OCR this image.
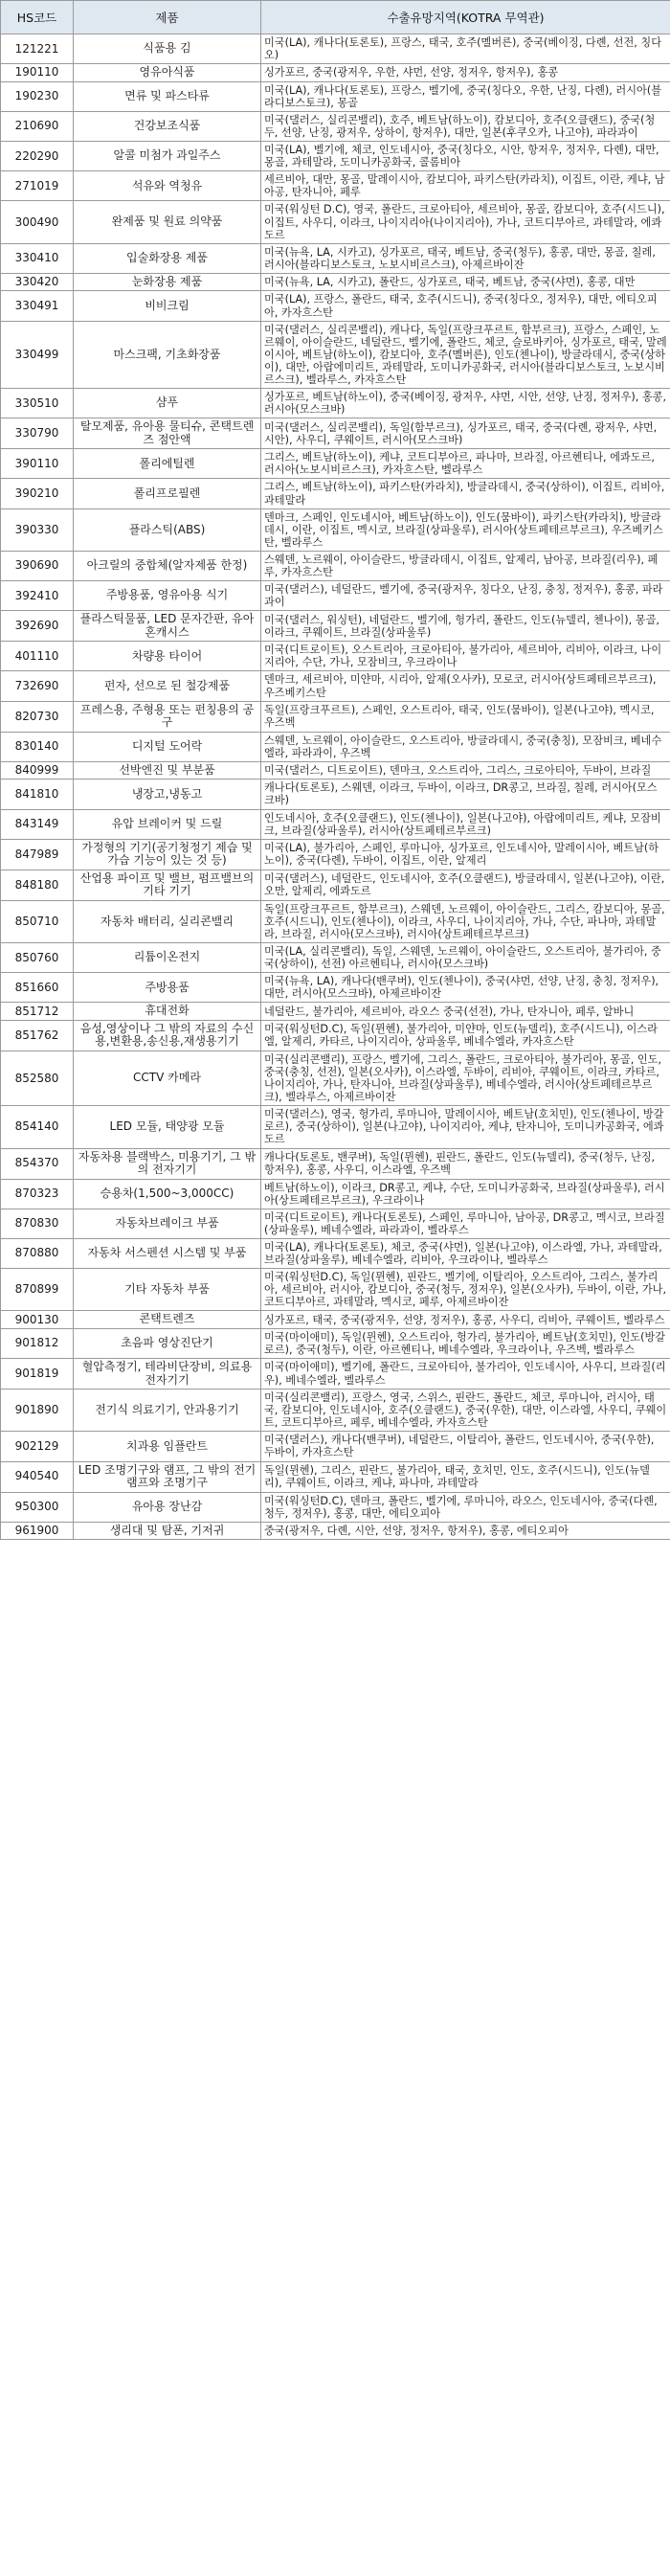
HS코드	제품	수출유망지역(KOTRA 무역관)
121221	식품용 김	미국(LA), 캐나다(토론토), 프랑스, 태국, 호주(멜버른), 중국(베이징, 다롄, 선전, 칭다오)
190110	영유아식품	싱가포르, 중국(광저우, 우한, 샤먼, 선양, 정저우, 항저우), 홍콩
190230	면류 및 파스타류	미국(LA), 캐나다(토론토), 프랑스, 벨기에, 중국(칭다오, 우한, 난징, 다롄), 러시아(블라디보스토크), 몽골
210690	건강보조식품	미국(댈러스, 실리콘밸리), 호주, 베트남(하노이), 캄보디아, 호주(오클랜드), 중국(청두, 선양, 난징, 광저우, 상하이, 항저우), 대만, 일본(후쿠오카, 나고야), 파라과이
220290	알콜 미첨가 과일주스	미국(LA), 벨기에, 체코, 인도네시아, 중국(칭다오, 시안, 항저우, 정저우, 다롄), 대만, 몽골, 과테말라, 도미니카공화국, 콜롬비아
271019	석유와 역청유	세르비아, 대만, 몽골, 말레이시아, 캄보디아, 파키스탄(카라치), 이집트, 이란, 케냐, 남아공, 탄자니아, 페루
300490	완제품 및 원료 의약품	미국(워싱턴 D.C), 영국, 폴란드, 크로아티아, 세르비아, 몽골, 캄보디아, 호주(시드니), 이집트, 사우디, 이라크, 나이지리아(나이지리아), 가나, 코트디부아르, 과테말라, 에콰도르
330410	입술화장용 제품	미국(뉴욕, LA, 시카고), 싱가포르, 태국, 베트남, 중국(청두), 홍콩, 대만, 몽골, 칠레, 러시아(블라디보스토크, 노보시비르스크), 아제르바이잔
330420	눈화장용 제품	미국(뉴욕, LA, 시카고), 폴란드, 싱가포르, 태국, 베트남, 중국(샤먼), 홍콩, 대만
330491	비비크림	미국(LA), 프랑스, 폴란드, 태국, 호주(시드니), 중국(칭다오, 정저우), 대만, 에티오피아, 카자흐스탄
330499	마스크팩, 기초화장품	미국(댈러스, 실리콘밸리), 캐나다, 독일(프랑크푸르트, 함부르크), 프랑스, 스페인, 노르웨이, 아이슬란드, 네덜란드, 벨기에, 폴란드, 체코, 슬로바키아, 싱가포르, 태국, 말레이시아, 베트남(하노이), 캄보디아, 호주(멜버른), 인도(첸나이), 방글라데시, 중국(상하이), 대만, 아랍에미리트, 과테말라, 도미니카공화국, 러시아(블라디보스토크, 노보시비르스크), 벨라루스, 카자흐스탄
330510	샴푸	싱가포르, 베트남(하노이), 중국(베이징, 광저우, 샤먼, 시안, 선양, 난징, 정저우), 홍콩, 러시아(모스크바)
330790	탈모제품, 유아용 물티슈, 콘택트렌즈 점안액	미국(댈러스, 실리콘밸리), 독일(함부르크), 싱가포르, 태국, 중국(다롄, 광저우, 샤먼, 시안), 사우디, 쿠웨이트, 러시아(모스크바)
390110	폴리에틸렌	그리스, 베트남(하노이), 케냐, 코트디부아르, 파나마, 브라질, 아르헨티나, 에콰도르, 러시아(노보시비르스크), 카자흐스탄, 벨라루스
390210	폴리프로필렌	그리스, 베트남(하노이), 파키스탄(카라치), 방글라데시, 중국(상하이), 이집트, 리비아, 과테말라
390330	플라스틱(ABS)	덴마크, 스페인, 인도네시아, 베트남(하노이), 인도(뭄바이), 파키스탄(카라치), 방글라데시, 이란, 이집트, 멕시코, 브라질(상파울루), 러시아(상트페테르부르크), 우즈베키스탄, 벨라루스
390690	아크릴의 중합체(알자제품 한정)	스웨덴, 노르웨이, 아이슬란드, 방글라데시, 이집트, 알제리, 남아공, 브라질(리우), 페루, 카자흐스탄
392410	주방용품, 영유아용 식기	미국(댈러스), 네덜란드, 벨기에, 중국(광저우, 칭다오, 난징, 충칭, 정저우), 홍콩, 파라과이
392690	플라스틱물품, LED 문자간판, 유아혼캐시스	미국(댈러스, 워싱턴), 네덜란드, 벨기에, 헝가리, 폴란드, 인도(뉴델리, 첸나이), 몽골, 이라크, 쿠웨이트, 브라질(상파울루)
401110	차량용 타이어	미국(디트로이트), 오스트리아, 크로아티아, 불가리아, 세르비아, 리비아, 이라크, 나이지리아, 수단, 가나, 모잠비크, 우크라이나
732690	펀자, 선으로 된 철강제품	덴마크, 세르비아, 미얀마, 시리아, 알제(오사카), 모로코, 러시아(상트페테르부르크), 우즈베키스탄
820730	프레스용, 주형용 또는 펀칭용의 공구	독일(프랑크푸르트), 스페인, 오스트리아, 태국, 인도(뭄바이), 일본(나고야), 멕시코, 우즈벡
830140	디지털 도어락	스웨덴, 노르웨이, 아이슬란드, 오스트리아, 방글라데시, 중국(충칭), 모잠비크, 베네수엘라, 파라과이, 우즈벡
840999	선박엔진 및 부분품	미국(댈러스, 디트로이트), 덴마크, 오스트리아, 그리스, 크로아티아, 두바이, 브라질
841810	냉장고,냉동고	캐나다(토론토), 스웨덴, 이라크, 두바이, 이라크, DR콩고, 브라질, 칠레, 러시아(모스크바)
843149	유압 브레이커 및 드릴	인도네시아, 호주(오클랜드), 인도(첸나이), 일본(나고야), 아랍에미리트, 케냐, 모잠비크, 브라질(상파울루), 러시아(상트페테르부르크)
847989	가정형의 기기(공기청정기 제습 및 가습 기능이 있는 것 등)	미국(LA), 불가리아, 스페인, 루마니아, 싱가포르, 인도네시아, 말레이시아, 베트남(하노이), 중국(다롄), 두바이, 이집트, 이란, 알제리
848180	산업용 파이프 및 밸브, 펌프밸브의 기타 기기	미국(댈러스), 네덜란드, 인도네시아, 호주(오클랜드), 방글라데시, 일본(나고야), 이란, 오만, 알제리, 에콰도르
850710	자동차 배터리, 실리콘밸리	독일(프랑크푸르트, 함부르크), 스웨덴, 노르웨이, 아이슬란드, 그리스, 캄보디아, 몽골, 호주(시드니), 인도(첸나이), 이라크, 사우디, 나이지리아, 가나, 수단, 파나마, 과테말라, 브라질, 러시아(모스크바), 러시아(상트페테르부르크)
850760	리튬이온전지	미국(LA, 실리콘밸리), 독일, 스웨덴, 노르웨이, 아이슬란드, 오스트리아, 불가리아, 중국(상하이), 선전) 아르헨티나, 러시아(모스크바)
851660	주방용품	미국(뉴욕, LA), 캐나다(밴쿠버), 인도(첸나이), 중국(샤먼, 선양, 난징, 충칭, 정저우), 대만, 러시아(모스크바), 아제르바이잔
851712	휴대전화	네덜란드, 불가리아, 세르비아, 라오스 중국(선전), 가나, 탄자니아, 페루, 알바니
851762	음성,영상이나 그 밖의 자료의 수신용,변환용,송신용,재생용기기	미국(워싱턴D.C), 독일(뮌헨), 불가리아, 미얀마, 인도(뉴델리), 호주(시드니), 이스라엘, 알제리, 카타르, 나이지리아, 상파울루, 베네수엘라, 카자흐스탄
852580	CCTV 카메라	미국(실리콘밸리), 프랑스, 벨기에, 그리스, 폴란드, 크로아티아, 불가리아, 몽골, 인도, 중국(충칭, 선전), 일본(오사카), 이스라엘, 두바이, 리비아, 쿠웨이트, 이라크, 카타르, 나이지리아, 가나, 탄자니아, 브라질(상파울루), 베네수엘라, 러시아(상트페테르부르크), 벨라루스, 아제르바이잔
854140	LED 모듈, 태양광 모듈	미국(댈러스), 영국, 헝가리, 루마니아, 말레이시아, 베트남(호치민), 인도(첸나이, 방갈로르), 중국(상하이), 일본(나고야), 나이지리아, 케냐, 탄자니아, 도미니카공화국, 에콰도르
854370	자동차용 블랙박스, 미용기기, 그 밖의 전자기기	캐나다(토론토, 밴쿠버), 독일(뮌헨), 핀란드, 폴란드, 인도(뉴델리), 중국(청두, 난징, 항저우), 홍콩, 사우디, 이스라엘, 우즈벡
870323	승용차(1,500~3,000CC)	베트남(하노이), 이라크, DR콩고, 케냐, 수단, 도미니카공화국, 브라질(상파울루), 러시아(상트페테르부르크), 우크라이나
870830	자동차브레이크 부품	미국(디트로이트), 캐나다(토론토), 스페인, 루마니아, 남아공, DR콩고, 멕시코, 브라질(상파울루), 베네수엘라, 파라과이, 벨라루스
870880	자동차 서스펜션 시스템 및 부품	미국(LA), 캐나다(토론토), 체코, 중국(샤먼), 일본(나고야), 이스라엘, 가나, 과테말라, 브라질(상파울루), 베네수엘라, 리비아, 우크라이나, 벨라루스
870899	기타 자동차 부품	미국(워싱턴D.C), 독일(뮌헨), 핀란드, 벨기에, 이탈리아, 오스트리아, 그리스, 불가리아, 세르비아, 러시아, 캄보디아, 중국(청두, 정저우), 일본(오사카), 두바이, 이란, 가나, 코트디부아르, 과테말라, 멕시코, 페루, 아제르바이잔
900130	콘택트렌즈	싱가포르, 태국, 중국(광저우, 선양, 정저우), 홍콩, 사우디, 리비아, 쿠웨이트, 벨라루스
901812	초음파 영상진단기	미국(마이애미), 독일(뮌헨), 오스트리아, 헝가리, 불가리아, 베트남(호치민), 인도(방갈로르), 중국(청두), 이란, 아르헨티나, 베네수엘라, 우크라이나, 우즈벡, 벨라루스
901819	혈압측정기, 테라비단장비, 의료용 전자기기	미국(마이애미), 벨기에, 폴란드, 크로아티아, 불가리아, 인도네시아, 사우디, 브라질(리우), 베네수엘라, 벨라루스
901890	전기식 의료기기, 안과용기기	미국(실리콘밸리), 프랑스, 영국, 스위스, 핀란드, 폴란드, 체코, 루마니아, 러시아, 태국, 캄보디아, 인도네시아, 호주(오클랜드), 중국(우한), 대만, 이스라엘, 사우디, 쿠웨이트, 코트디부아르, 페루, 베네수엘라, 카자흐스탄
902129	치과용 임플란트	미국(댈러스), 캐나다(밴쿠버), 네덜란드, 이탈리아, 폴란드, 인도네시아, 중국(우한), 두바이, 카자흐스탄
940540	LED 조명기구와 램프, 그 밖의 전기램프와 조명기구	독일(뮌헨), 그리스, 핀란드, 불가리아, 태국, 호치민, 인도, 호주(시드니), 인도(뉴델리), 쿠웨이트, 이라크, 케냐, 파나마, 과테말라
950300	유아용 장난감	미국(워싱턴D.C), 덴마크, 폴란드, 벨기에, 루마니아, 라오스, 인도네시아, 중국(다롄, 청두, 정저우), 홍콩, 대만, 에티오피아
961900	생리대 및 탐폰, 기저귀	중국(광저우, 다롄, 시안, 선양, 정저우, 항저우), 홍콩, 에티오피아
